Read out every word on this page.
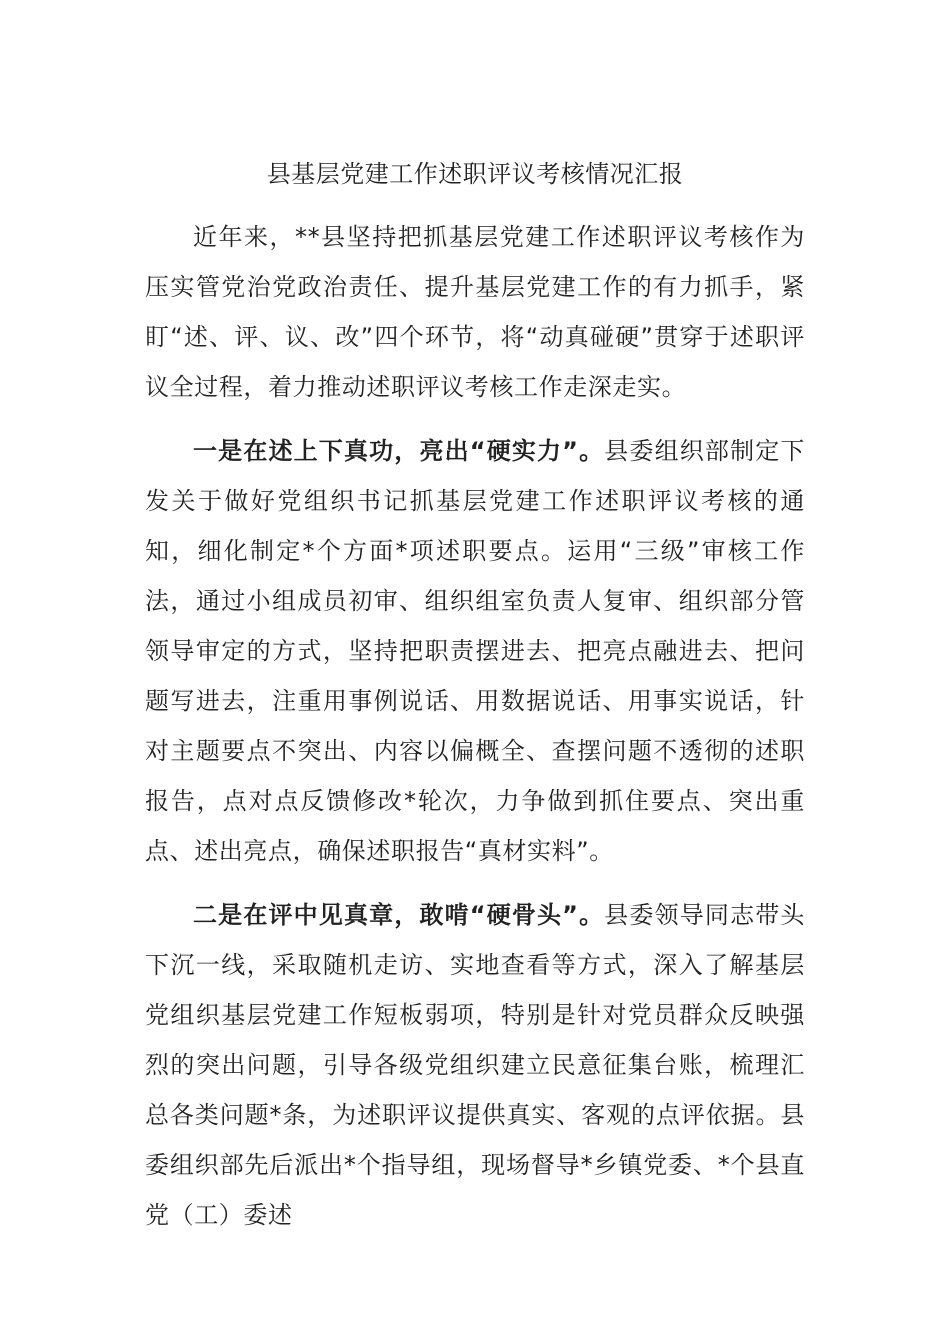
县基层党建工作述职评议考核情况汇报

近年来，**县坚持把抓基层党建工作述职评议考核作为压实管党治党政治责任、提升基层党建工作的有力抓手，紧盯“述、评、议、改”四个环节，将“动真碰硬”贯穿于述职评议全过程，着力推动述职评议考核工作走深走实。

一是在述上下真功，亮出“硬实力”。县委组织部制定下发关于做好党组织书记抓基层党建工作述职评议考核的通知，细化制定*个方面*项述职要点。运用“三级”审核工作法，通过小组成员初审、组织组室负责人复审、组织部分管领导审定的方式，坚持把职责摆进去、把亮点融进去、把问题写进去，注重用事例说话、用数据说话、用事实说话，针对主题要点不突出、内容以偏概全、查摆问题不透彻的述职报告，点对点反馈修改*轮次，力争做到抓住要点、突出重点、述出亮点，确保述职报告“真材实料”。

二是在评中见真章，敢啃“硬骨头”。县委领导同志带头下沉一线，采取随机走访、实地查看等方式，深入了解基层党组织基层党建工作短板弱项，特别是针对党员群众反映强烈的突出问题，引导各级党组织建立民意征集台账，梳理汇总各类问题*条，为述职评议提供真实、客观的点评依据。县委组织部先后派出*个指导组，现场督导*乡镇党委、*个县直党（工）委述
